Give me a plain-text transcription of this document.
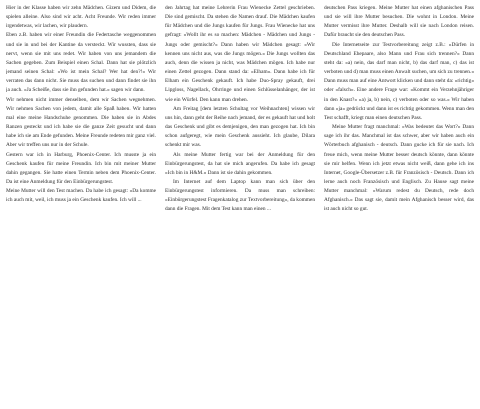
Hier in der Klasse haben wir zehn Mädchen. Gizem und Didem, die spielen alleine. Also sind wir acht. Acht Freunde. Wir reden immer irgendetwas, wir lachen, wir plaudern.

Eben z.B. haben wir einer Freundin die Federtasche weggenommen und sie in und bei der Kantine da versteckt. Wir wussten, dass sie nervt, wenn sie mit uns redet. Wir haben von uns jemandem die Sachen gegeben. Zum Beispiel einen Schal. Dann hat sie plötzlich jemand seinen Schal: »Wo ist mein Schal? Wer hat den?!« Wir verraten das dann nicht. Sie muss das suchen und dann findet sie ihn ja auch. »Ja Scheiße, dass sie ihn gefunden hat.« sagen wir dann.

Wir nehmen nicht immer denselben, dem wir Sachen wegnehmen. Wir nehmen Sachen von jedem, damit alle Spaß haben. Wir hatten mal eine meine Handschuhe genommen. Die haben sie in Abdes Ranzen gesteckt und ich habe sie die ganze Zeit gesucht und dann habe ich sie am Ende gefunden. Meine Freunde redeten mir ganz viel. Aber wir treffen uns nur in der Schule.

Gestern war ich in Harburg, Phoenix-Center. Ich musste ja ein Geschenk kaufen für meine Freundin. Ich bin mit meiner Mutter dahin gegangen. Sie hatte einen Termin neben dem Phoenix-Center. Da ist eine Anmeldung für den Einbürgerungstest.

Meine Mutter will den Test machen. Da habe ich gesagt: »Da komme ich auch mit, weil, ich muss ja ein Geschenk kaufen. Ich will ...

den Jahrtag hat meine Lehrerin Frau Wienecke Zettel geschrieben. Die sind gemischt. Da stehen die Namen drauf. Die Mädchen kaufen für Mädchen und die Jungs kaufen für Jungs. Frau Wienecke hat uns gefragt: »Wollt ihr es so machen: Mädchen - Mädchen und Jungs - Jungs oder gemischt?« Dann haben wir Mädchen gesagt: »Wir kennen uns nicht aus, was die Jungs mögen.« Die Jungs wollten das auch, denn die wissen ja nicht, was Mädchen mögen. Ich habe nur einen Zettel gezogen. Dann stand da: »Elham«. Dann habe ich für Elham ein Geschenk gekauft. Ich habe Duo-Spray gekauft, drei Lipgloss, Nagellack, Ohrringe und einen Schlüsselanhänger, der ist wie ein Würfel. Den kann man drehen.

Am Freitag [dem letzten Schultag vor Weihnachten] wissen wir uns hin, dann geht der Reihe nach jemand, der es gekauft hat und holt das Geschenk und gibt es demjenigen, den man gezogen hat. Ich bin schon aufgeregt, wie mein Geschenk aussieht. Ich glaube, Dilara schenkt mir was.

Als meine Mutter fertig war bei der Anmeldung für den Einbürgerungstest, da hat sie mich angerufen. Da habe ich gesagt »Ich bin in H&M.« Dann ist sie dahin gekommen.

Im Internet auf dem Laptop kann man sich über den Einbürgerungstest informieren. Da muss man schreiben: »Einbürgerungstest Fragenkatalog zur Textvorbereitung«, da kommen dann die Fragen. Mit dem Test kann man einen ...

deutschen Pass kriegen. Meine Mutter hat einen afghanischen Pass und sie will ihre Mutter besuchen. Die wohnt in London. Meine Mutter vermisst ihre Mutter. Deshalb will sie nach London reisen. Dafür braucht sie den deutschen Pass.

Die Internetseite zur Testvorbereitung zeigt z.B.: »Dürfen in Deutschland Ehepaare, also Mann und Frau sich trennen?« Dann steht da: »a) nein, das darf man nicht, b) das darf man, c) das ist verboten und d) man muss einen Anwalt suchen, um sich zu trennen.« Dann muss man auf eine Antwort klicken und dann steht da: »richtig« oder »falsch«. Eine andere Frage war: »Kommt ein Verzehnjähriger in den Knast?« »a) ja, b) nein, c) verboten oder so was.« Wir haben dann »ja« gedrückt und dann ist es richtig gekommen. Wenn man den Test schafft, kriegt man einen deutschen Pass.

Meine Mutter fragt manchmal: »Was bedeutet das Wort?« Dann sage ich ihr das. Manchmal ist das schwer, aber wir haben auch ein Wörterbuch afghanisch - deutsch. Dann gucke ich für sie nach. Ich freue mich, wenn meine Mutter besser deutsch könnte, dann könnte sie mir helfen. Wenn ich jetzt etwas nicht weiß, dann gehe ich ins Internet, Google-Übersetzer z.B. für Französisch - Deutsch. Dann ich lerne auch noch Französisch und Englisch. Zu Hause sagt meine Mutter manchmal: »Warum redest du Deutsch, rede doch Afghanisch.« Das sagt sie, damit mein Afghanisch besser wird, das ist auch nicht so gut.
